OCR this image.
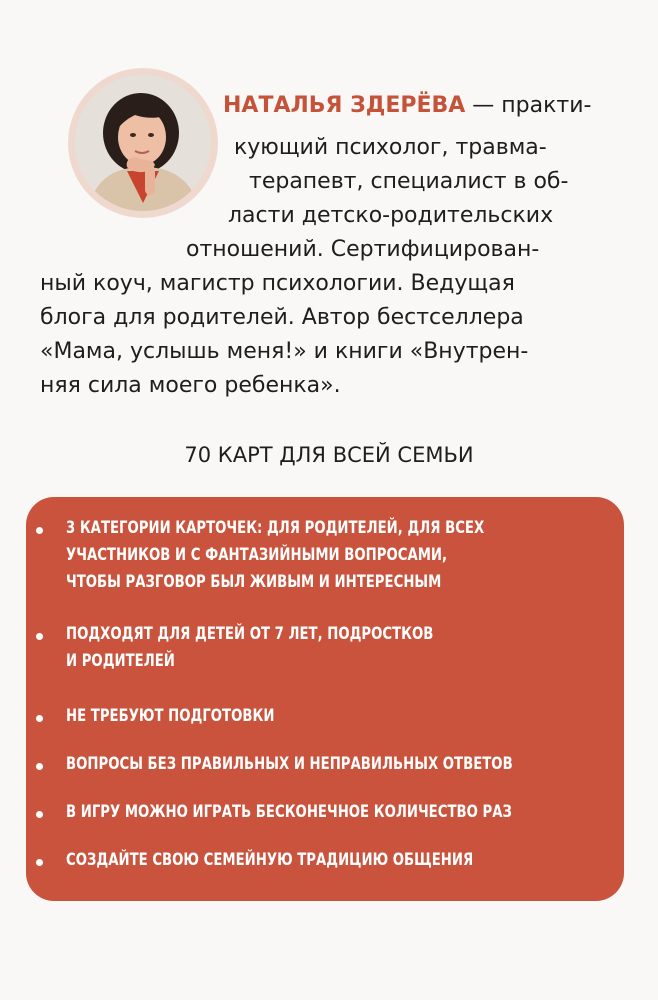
НАТАЛЬЯ ЗДЕРЁВА — практи-
кующий психолог, травма-
терапевт, специалист в об-
ласти детско-родительских
отношений. Сертифицирован-
ный коуч, магистр психологии. Ведущая
блога для родителей. Автор бестселлера
«Мама, услышь меня!» и книги «Внутрен-
няя сила моего ребенка».
70 КАРТ ДЛЯ ВСЕЙ СЕМЬИ
3 КАТЕГОРИИ КАРТОЧЕК: ДЛЯ РОДИТЕЛЕЙ, ДЛЯ ВСЕХ
УЧАСТНИКОВ И С ФАНТАЗИЙНЫМИ ВОПРОСАМИ,
ЧТОБЫ РАЗГОВОР БЫЛ ЖИВЫМ И ИНТЕРЕСНЫМ
ПОДХОДЯТ ДЛЯ ДЕТЕЙ ОТ 7 ЛЕТ, ПОДРОСТКОВ
И РОДИТЕЛЕЙ
НЕ ТРЕБУЮТ ПОДГОТОВКИ
ВОПРОСЫ БЕЗ ПРАВИЛЬНЫХ И НЕПРАВИЛЬНЫХ ОТВЕТОВ
В ИГРУ МОЖНО ИГРАТЬ БЕСКОНЕЧНОЕ КОЛИЧЕСТВО РАЗ
СОЗДАЙТЕ СВОЮ СЕМЕЙНУЮ ТРАДИЦИЮ ОБЩЕНИЯ
